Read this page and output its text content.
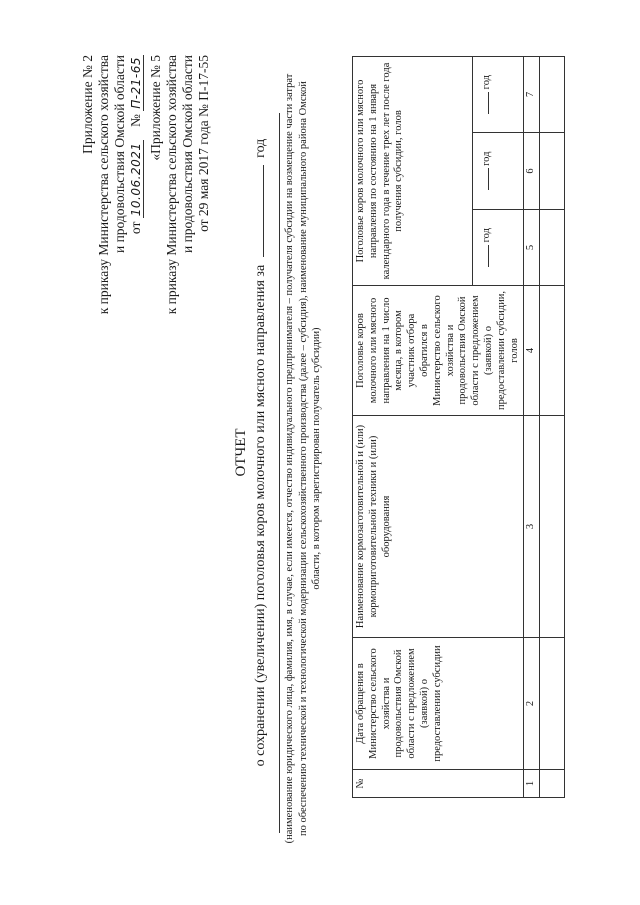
Приложение № 2 к приказу Министерства сельского хозяйства и продовольствия Омской области от 10.06.2021    № П-21-65 «Приложение № 5 к приказу Министерства сельского хозяйства и продовольствия Омской области от 29 мая 2017 года № П-17-55
ОТЧЕТ о сохранении (увеличении) поголовья коров молочного или мясного направления за  год (наименование юридического лица, фамилия, имя, в случае, если имеется, отчество индивидуального предпринимателя – получателя субсидии на возмещение части затрат по обеспечению технической и технологической модернизации сельскохозяйственного производства (далее – субсидия), наименование муниципального района Омской области, в котором зарегистрирован получатель субсидии)
№	Дата обращения в Министерство сельского хозяйства и продовольствия Омской области с предложением (заявкой) о предоставлении субсидии	Наименование кормозаготовительной и (или) кормоприготовительной техники и (или) оборудования	Поголовье коров молочного или мясного направления на 1 число месяца, в котором участник отбора обратился в Министерство сельского хозяйства и продовольствия Омской области с предложением (заявкой) о предоставлении субсидии, голов	Поголовье коров молочного или мясного направления по состоянию на 1 января календарного года в течение трех лет после года получения субсидии, голов		
				год	год	год
1	2	3	4	5	6	7
